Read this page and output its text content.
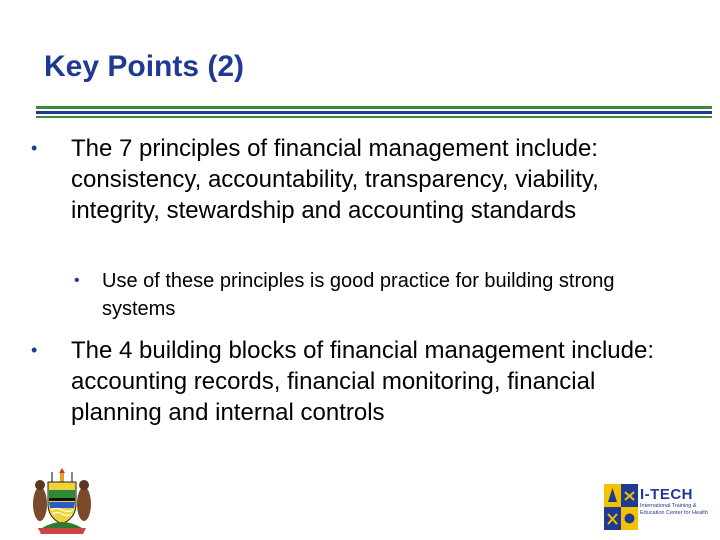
Key Points (2)
• The 7 principles of financial management include: consistency, accountability, transparency, viability, integrity, stewardship and accounting standards
• Use of these principles is good practice for building strong systems
• The 4 building blocks of financial management include: accounting records, financial monitoring, financial planning and internal controls
I-TECH
International Training & Education Center for Health
